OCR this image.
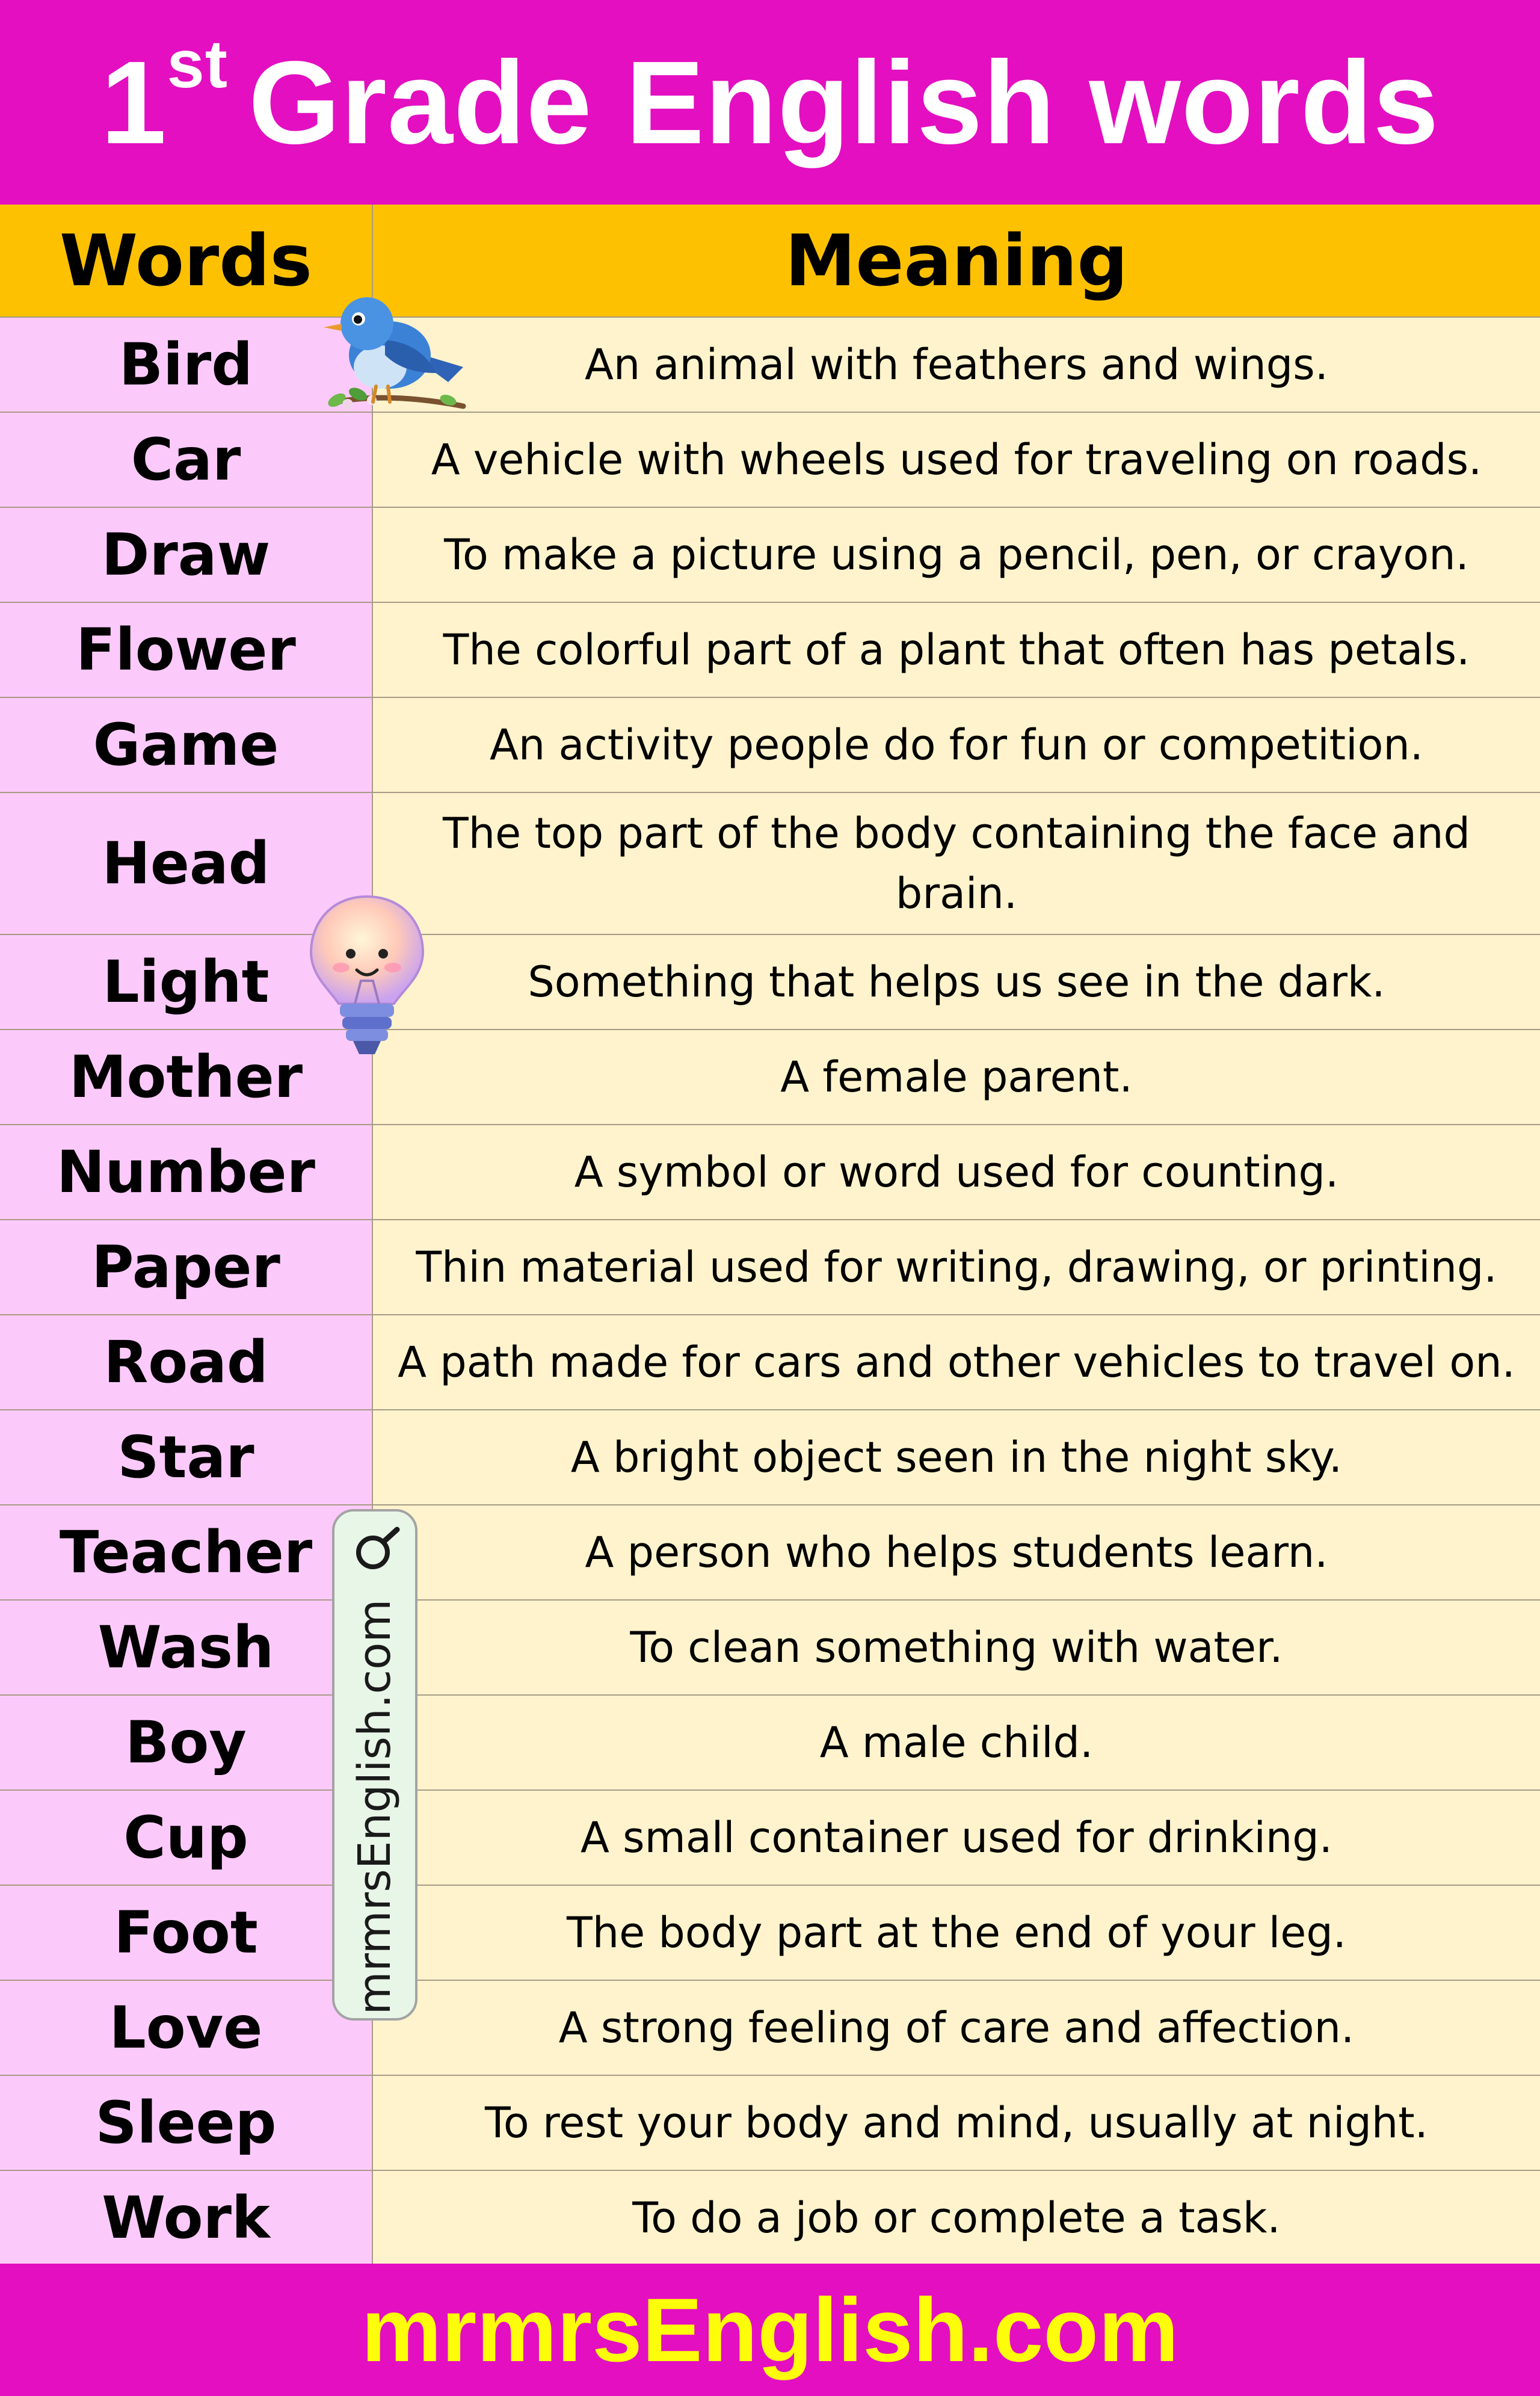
1st Grade English words
Words	Meaning
Bird	An animal with feathers and wings.
Car	A vehicle with wheels used for traveling on roads.
Draw	To make a picture using a pencil, pen, or crayon.
Flower	The colorful part of a plant that often has petals.
Game	An activity people do for fun or competition.
Head	The top part of the body containing the face and brain.
Light	Something that helps us see in the dark.
Mother	A female parent.
Number	A symbol or word used for counting.
Paper	Thin material used for writing, drawing, or printing.
Road	A path made for cars and other vehicles to travel on.
Star	A bright object seen in the night sky.
Teacher	A person who helps students learn.
Wash	To clean something with water.
Boy	A male child.
Cup	A small container used for drinking.
Foot	The body part at the end of your leg.
Love	A strong feeling of care and affection.
Sleep	To rest your body and mind, usually at night.
Work	To do a job or complete a task.
mrmrsEnglish.com
mrmrsEnglish.com
